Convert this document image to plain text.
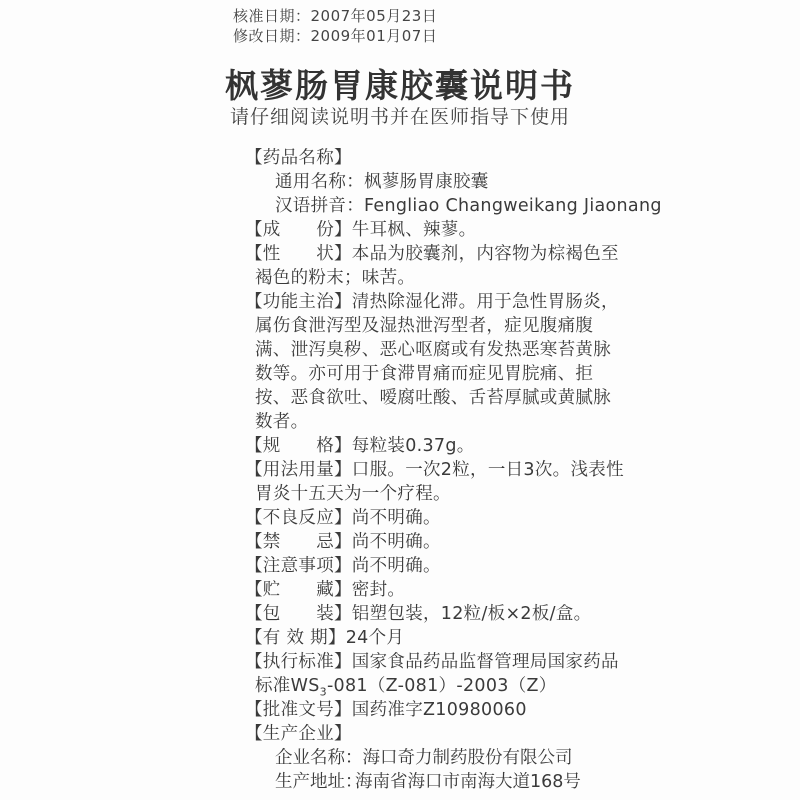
核准日期：2007年05月23日
修改日期：2009年01月07日
枫蓼肠胃康胶囊说明书
请仔细阅读说明书并在医师指导下使用
【药品名称】
通用名称：枫蓼肠胃康胶囊
汉语拼音：Fengliao Changweikang Jiaonang
【成　　份】牛耳枫、辣蓼。
【性　　状】本品为胶囊剂，内容物为棕褐色至
褐色的粉末；味苦。
【功能主治】清热除湿化滞。用于急性胃肠炎，
属伤食泄泻型及湿热泄泻型者，症见腹痛腹
满、泄泻臭秽、恶心呕腐或有发热恶寒苔黄脉
数等。亦可用于食滞胃痛而症见胃脘痛、拒
按、恶食欲吐、嗳腐吐酸、舌苔厚腻或黄腻脉
数者。
【规　　格】每粒装0.37g。
【用法用量】口服。一次2粒，一日3次。浅表性
胃炎十五天为一个疗程。
【不良反应】尚不明确。
【禁　　忌】尚不明确。
【注意事项】尚不明确。
【贮　　藏】密封。
【包　　装】铝塑包装，12粒/板×2板/盒。
【有 效 期】24个月
【执行标准】国家食品药品监督管理局国家药品
标准$WS_3-081(Z-081)-2003(Z)$
【批准文号】国药准字Z10980060
【生产企业】
企业名称：海口奇力制药股份有限公司
生产地址：
海南省海口市南海大道168号
